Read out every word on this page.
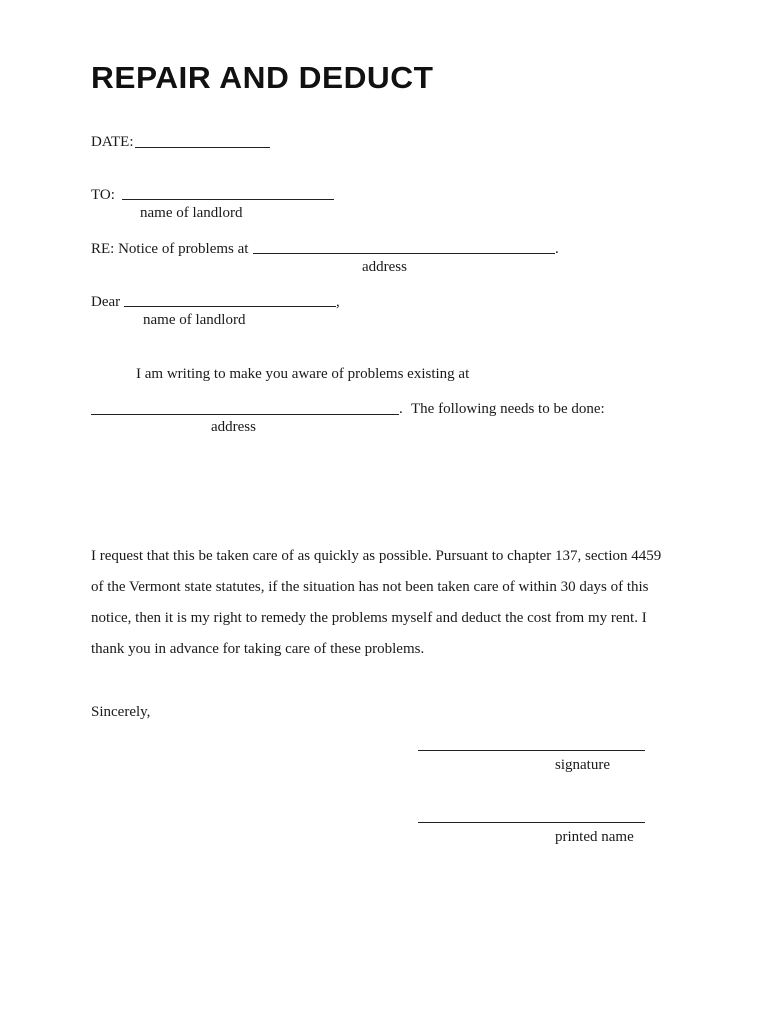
REPAIR AND DEDUCT
DATE:
TO:
name of landlord
RE: Notice of problems at	.
address
Dear	,
name of landlord
I am writing to make you aware of problems existing at
. The following needs to be done:
address
I request that this be taken care of as quickly as possible. Pursuant to chapter 137, section 4459
of the Vermont state statutes, if the situation has not been taken care of within 30 days of this
notice, then it is my right to remedy the problems myself and deduct the cost from my rent. I
thank you in advance for taking care of these problems.
Sincerely,
signature
printed name
